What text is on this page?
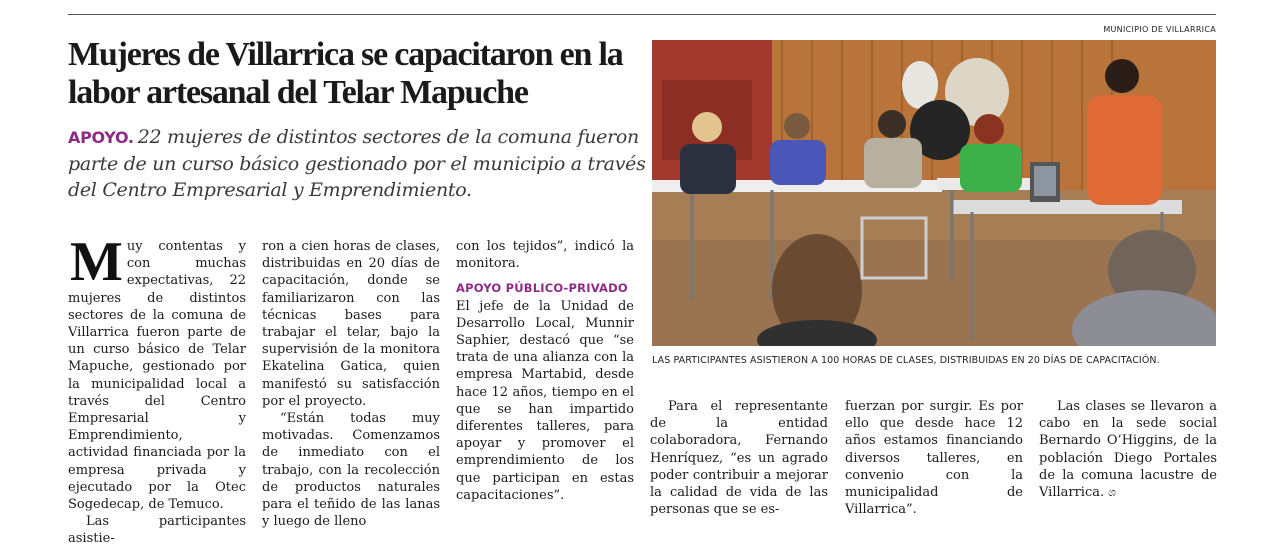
MUNICIPIO DE VILLARRICA
Mujeres de Villarrica se capacitaron en la labor artesanal del Telar Mapuche
APOYO. 22 mujeres de distintos sectores de la comuna fueron parte de un curso básico gestionado por el municipio a través del Centro Empresarial y Emprendimiento.

Muy contentas y con muchas expectativas, 22 mujeres de distintos sectores de la comuna de Villarrica fueron parte de un curso básico de Telar Mapuche, gestionado por la municipalidad local a través del Centro Empresarial y Emprendimiento, actividad financiada por la empresa privada y ejecutado por la Otec Sogedecap, de Temuco.

Las participantes asistie-

ron a cien horas de clases, distribuidas en 20 días de capacitación, donde se familiarizaron con las técnicas bases para trabajar el telar, bajo la supervisión de la monitora Ekatelina Gatica, quien manifestó su satisfacción por el proyecto.

“Están todas muy motivadas. Comenzamos de inmediato con el trabajo, con la recolección de productos naturales para el teñido de las lanas y luego de lleno

con los tejidos”, indicó la monitora.

APOYO PÚBLICO-PRIVADO

El jefe de la Unidad de Desarrollo Local, Munnir Saphier, destacó que “se trata de una alianza con la empresa Martabid, desde hace 12 años, tiempo en el que se han impartido diferentes talleres, para apoyar y promover el emprendimiento de los que participan en estas capacitaciones”.

LAS PARTICIPANTES ASISTIERON A 100 HORAS DE CLASES, DISTRIBUIDAS EN 20 DÍAS DE CAPACITACIÓN.

Para el representante de la entidad colaboradora, Fernando Henríquez, “es un agrado poder contribuir a mejorar la calidad de vida de las personas que se es-

fuerzan por surgir. Es por ello que desde hace 12 años estamos financiando diversos talleres, en convenio con la municipalidad de Villarrica”.

Las clases se llevaron a cabo en la sede social Bernardo O’Higgins, de la población Diego Portales de la comuna lacustre de Villarrica. ශ
